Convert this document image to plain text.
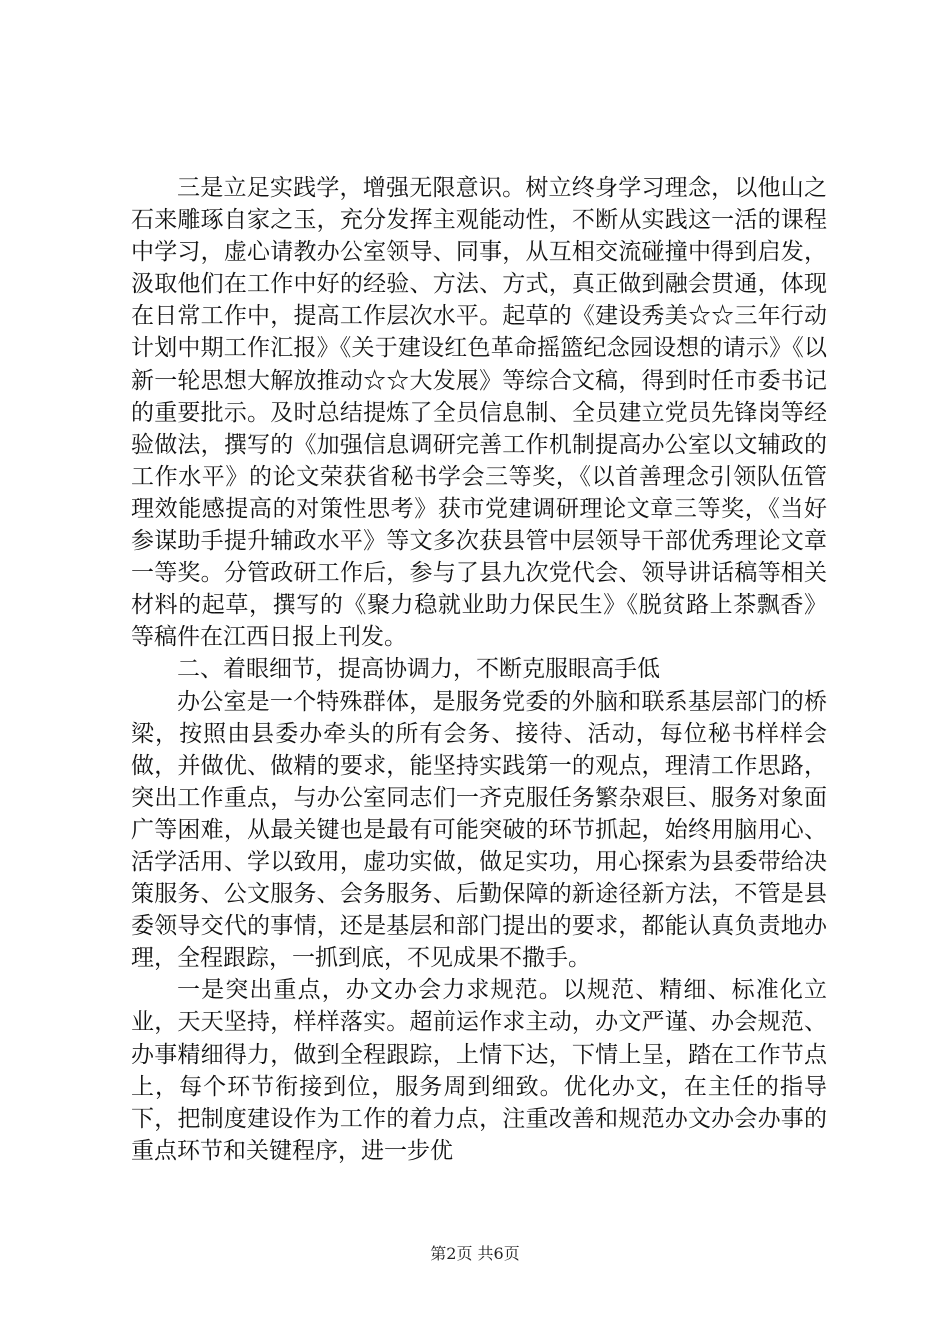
三是立足实践学，增强无限意识。树立终身学习理念，以他山之石来雕琢自家之玉，充分发挥主观能动性，不断从实践这一活的课程中学习，虚心请教办公室领导、同事，从互相交流碰撞中得到启发，汲取他们在工作中好的经验、方法、方式，真正做到融会贯通，体现在日常工作中，提高工作层次水平。起草的《建设秀美☆☆三年行动计划中期工作汇报》《关于建设红色革命摇篮纪念园设想的请示》《以新一轮思想大解放推动☆☆大发展》等综合文稿，得到时任市委书记的重要批示。及时总结提炼了全员信息制、全员建立党员先锋岗等经验做法，撰写的《加强信息调研完善工作机制提高办公室以文辅政的工作水平》的论文荣获省秘书学会三等奖，《以首善理念引领队伍管理效能感提高的对策性思考》获市党建调研理论文章三等奖，《当好参谋助手提升辅政水平》等文多次获县管中层领导干部优秀理论文章一等奖。分管政研工作后，参与了县九次党代会、领导讲话稿等相关材料的起草，撰写的《聚力稳就业助力保民生》《脱贫路上茶飘香》等稿件在江西日报上刊发。

二、着眼细节，提高协调力，不断克服眼高手低

办公室是一个特殊群体，是服务党委的外脑和联系基层部门的桥梁，按照由县委办牵头的所有会务、接待、活动，每位秘书样样会做，并做优、做精的要求，能坚持实践第一的观点，理清工作思路，突出工作重点，与办公室同志们一齐克服任务繁杂艰巨、服务对象面广等困难，从最关键也是最有可能突破的环节抓起，始终用脑用心、活学活用、学以致用，虚功实做，做足实功，用心探索为县委带给决策服务、公文服务、会务服务、后勤保障的新途径新方法，不管是县委领导交代的事情，还是基层和部门提出的要求，都能认真负责地办理，全程跟踪，一抓到底，不见成果不撒手。

一是突出重点，办文办会力求规范。以规范、精细、标准化立业，天天坚持，样样落实。超前运作求主动，办文严谨、办会规范、办事精细得力，做到全程跟踪，上情下达，下情上呈，踏在工作节点上，每个环节衔接到位，服务周到细致。优化办文，在主任的指导下，把制度建设作为工作的着力点，注重改善和规范办文办会办事的重点环节和关键程序，进一步优

第2页 共6页
